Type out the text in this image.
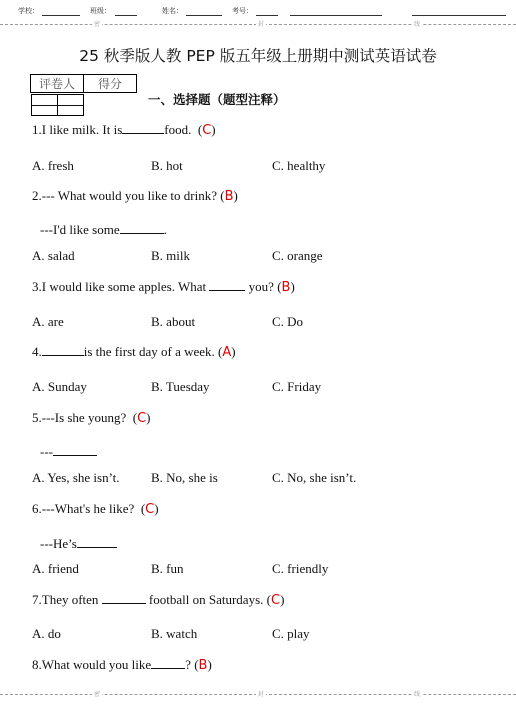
学校：	班级：	姓名：	考号：
密	封	线
25 秋季版人教 PEP 版五年级上册期中测试英语试卷
评卷人	得分

一、选择题（题型注释）
1.I like milk. It is	food.  (C)
A. fresh	B. hot	C. healthy
2.--- What would you like to drink? (B)
---I'd like some	.
A. salad	B. milk	C. orange
3.I would like some apples. What	you? (B)
A. are	B. about	C. Do
4.	is the first day of a week. (A)
A. Sunday	B. Tuesday	C. Friday
5.---Is she young?  (C)
---
A. Yes, she isn’t. B. No, she is	C. No, she isn’t.
6.---What's he like?  (C)
---He’s
A. friend	B. fun	C. friendly
7.They often	football on Saturdays. (C)
A. do	B. watch	C. play
8.What would you like	? (B)
密	封	线
